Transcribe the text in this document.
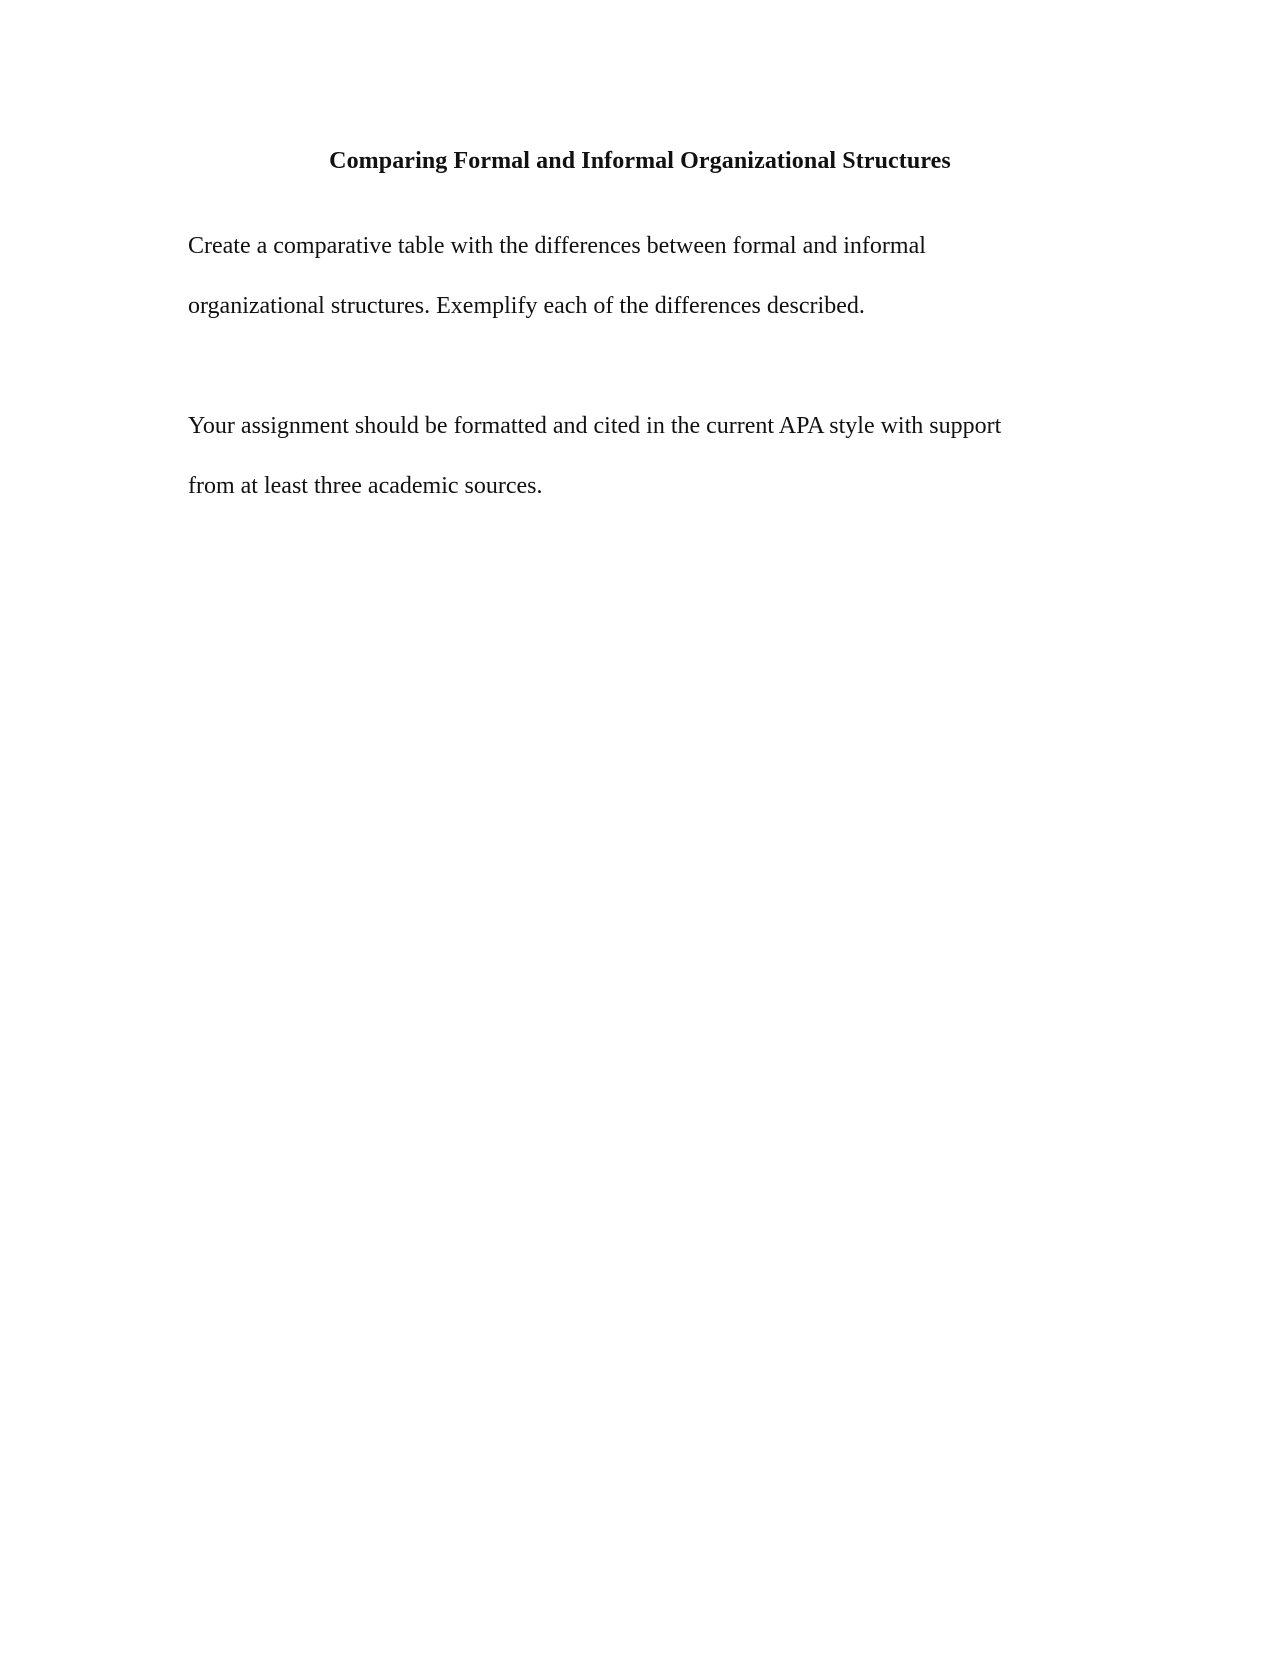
Comparing Formal and Informal Organizational Structures

Create a comparative table with the differences between formal and informal
organizational structures. Exemplify each of the differences described.

Your assignment should be formatted and cited in the current APA style with support
from at least three academic sources.
